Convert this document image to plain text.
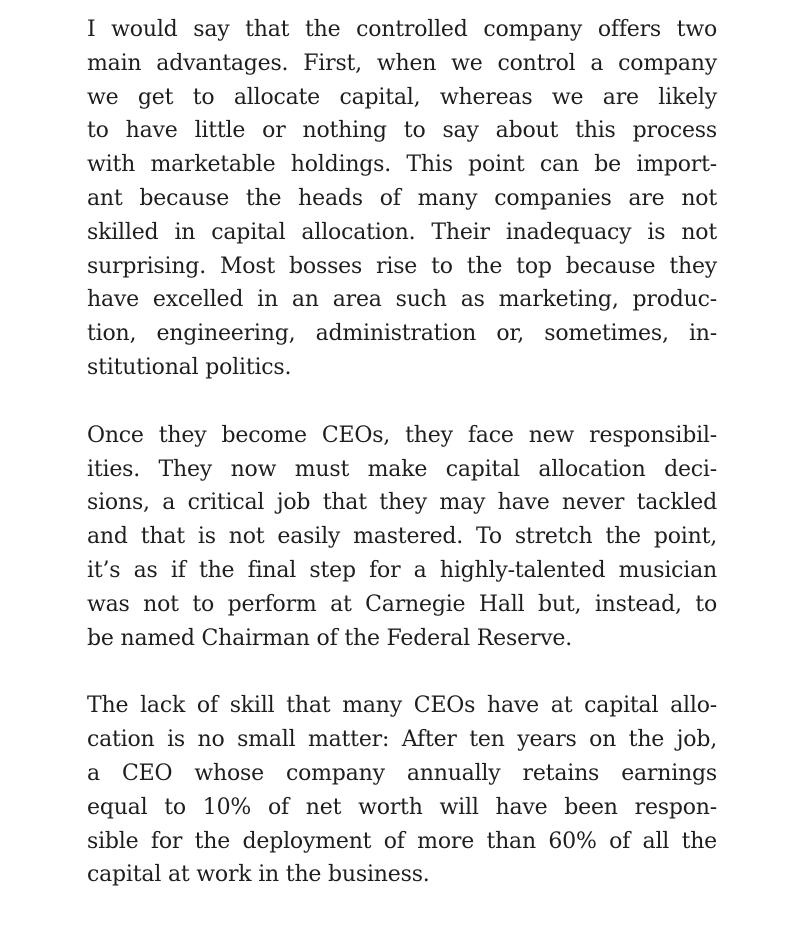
I would say that the controlled company offers two
main advantages. First, when we control a company
we get to allocate capital, whereas we are likely
to have little or nothing to say about this process
with marketable holdings. This point can be import-
ant because the heads of many companies are not
skilled in capital allocation. Their inadequacy is not
surprising. Most bosses rise to the top because they
have excelled in an area such as marketing, produc-
tion, engineering, administration or, sometimes, in-
stitutional politics.
Once they become CEOs, they face new responsibil-
ities. They now must make capital allocation deci-
sions, a critical job that they may have never tackled
and that is not easily mastered. To stretch the point,
it’s as if the final step for a highly-talented musician
was not to perform at Carnegie Hall but, instead, to
be named Chairman of the Federal Reserve.
The lack of skill that many CEOs have at capital allo-
cation is no small matter: After ten years on the job,
a CEO whose company annually retains earnings
equal to 10% of net worth will have been respon-
sible for the deployment of more than 60% of all the
capital at work in the business.
